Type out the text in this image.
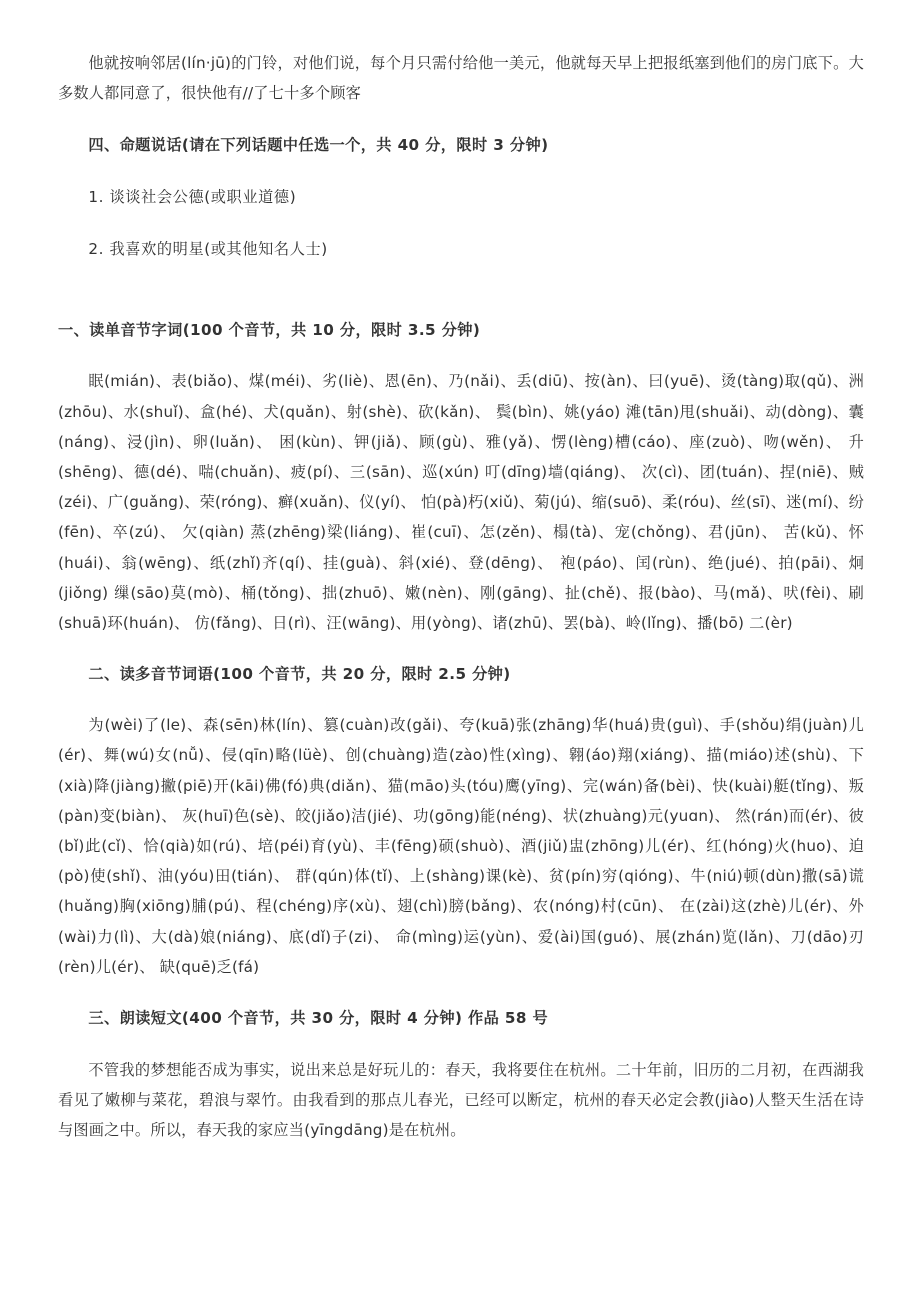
他就按响邻居(lín·jū)的门铃，对他们说，每个月只需付给他一美元，他就每天早上把报纸塞到他们的房门底下。大多数人都同意了，很快他有//了七十多个顾客

四、命题说话(请在下列话题中任选一个，共 40 分，限时 3 分钟)

1. 谈谈社会公德(或职业道德)

2. 我喜欢的明星(或其他知名人士)

一、读单音节字词(100 个音节，共 10 分，限时 3.5 分钟)

眠(mián)、表(biǎo)、煤(méi)、劣(liè)、恩(ēn)、乃(nǎi)、丢(diū)、按(àn)、曰(yuē)、烫(tàng)取(qǔ)、洲(zhōu)、水(shuǐ)、盒(hé)、犬(quǎn)、射(shè)、砍(kǎn)、 鬓(bìn)、姚(yáo) 滩(tān)甩(shuǎi)、动(dòng)、囊(náng)、浸(jìn)、卵(luǎn)、 困(kùn)、钾(jiǎ)、顾(gù)、雅(yǎ)、愣(lèng)槽(cáo)、座(zuò)、吻(wěn)、 升(shēng)、德(dé)、喘(chuǎn)、疲(pí)、三(sān)、巡(xún) 叮(dīng)墙(qiáng)、 次(cì)、团(tuán)、捏(niē)、贼(zéi)、广(guǎng)、荣(róng)、癣(xuǎn)、仪(yí)、 怕(pà)朽(xiǔ)、菊(jú)、缩(suō)、柔(róu)、丝(sī)、迷(mí)、纷(fēn)、卒(zú)、 欠(qiàn) 蒸(zhēng)梁(liáng)、崔(cuī)、怎(zěn)、榻(tà)、宠(chǒng)、君(jūn)、 苦(kǔ)、怀(huái)、翁(wēng)、纸(zhǐ)齐(qí)、挂(guà)、斜(xié)、登(dēng)、 袍(páo)、闰(rùn)、绝(jué)、拍(pāi)、炯(jiǒng) 缫(sāo)莫(mò)、桶(tǒng)、拙(zhuō)、嫩(nèn)、刚(gāng)、扯(chě)、报(bào)、马(mǎ)、吠(fèi)、刷(shuā)环(huán)、 仿(fǎng)、日(rì)、汪(wāng)、用(yòng)、诸(zhū)、罢(bà)、岭(lǐng)、播(bō) 二(èr)

二、读多音节词语(100 个音节，共 20 分，限时 2.5 分钟)

为(wèi)了(le)、森(sēn)林(lín)、篡(cuàn)改(gǎi)、夸(kuā)张(zhāng)华(huá)贵(guì)、手(shǒu)绢(juàn)儿(ér)、舞(wú)女(nǚ)、侵(qīn)略(lüè)、创(chuàng)造(zào)性(xìng)、翱(áo)翔(xiáng)、描(miáo)述(shù)、下(xià)降(jiàng)撇(piē)开(kāi)佛(fó)典(diǎn)、猫(māo)头(tóu)鹰(yīng)、完(wán)备(bèi)、快(kuài)艇(tǐng)、叛(pàn)变(biàn)、 灰(huī)色(sè)、皎(jiǎo)洁(jié)、功(gōng)能(néng)、状(zhuàng)元(yuɑn)、 然(rán)而(ér)、彼(bǐ)此(cǐ)、恰(qià)如(rú)、培(péi)育(yù)、丰(fēng)硕(shuò)、酒(jiǔ)盅(zhōng)儿(ér)、红(hóng)火(huo)、迫(pò)使(shǐ)、油(yóu)田(tián)、 群(qún)体(tǐ)、上(shàng)课(kè)、贫(pín)穷(qióng)、牛(niú)顿(dùn)撒(sā)谎(huǎng)胸(xiōng)脯(pú)、程(chéng)序(xù)、翅(chì)膀(bǎng)、农(nóng)村(cūn)、 在(zài)这(zhè)儿(ér)、外(wài)力(lì)、大(dà)娘(niáng)、底(dǐ)子(zi)、 命(mìng)运(yùn)、爱(ài)国(guó)、展(zhán)览(lǎn)、刀(dāo)刃(rèn)儿(ér)、 缺(quē)乏(fá)

三、朗读短文(400 个音节，共 30 分，限时 4 分钟) 作品 58 号

不管我的梦想能否成为事实，说出来总是好玩儿的：春天，我将要住在杭州。二十年前，旧历的二月初，在西湖我看见了嫩柳与菜花，碧浪与翠竹。由我看到的那点儿春光，已经可以断定，杭州的春天必定会教(jiào)人整天生活在诗与图画之中。所以，春天我的家应当(yīngdāng)是在杭州。
